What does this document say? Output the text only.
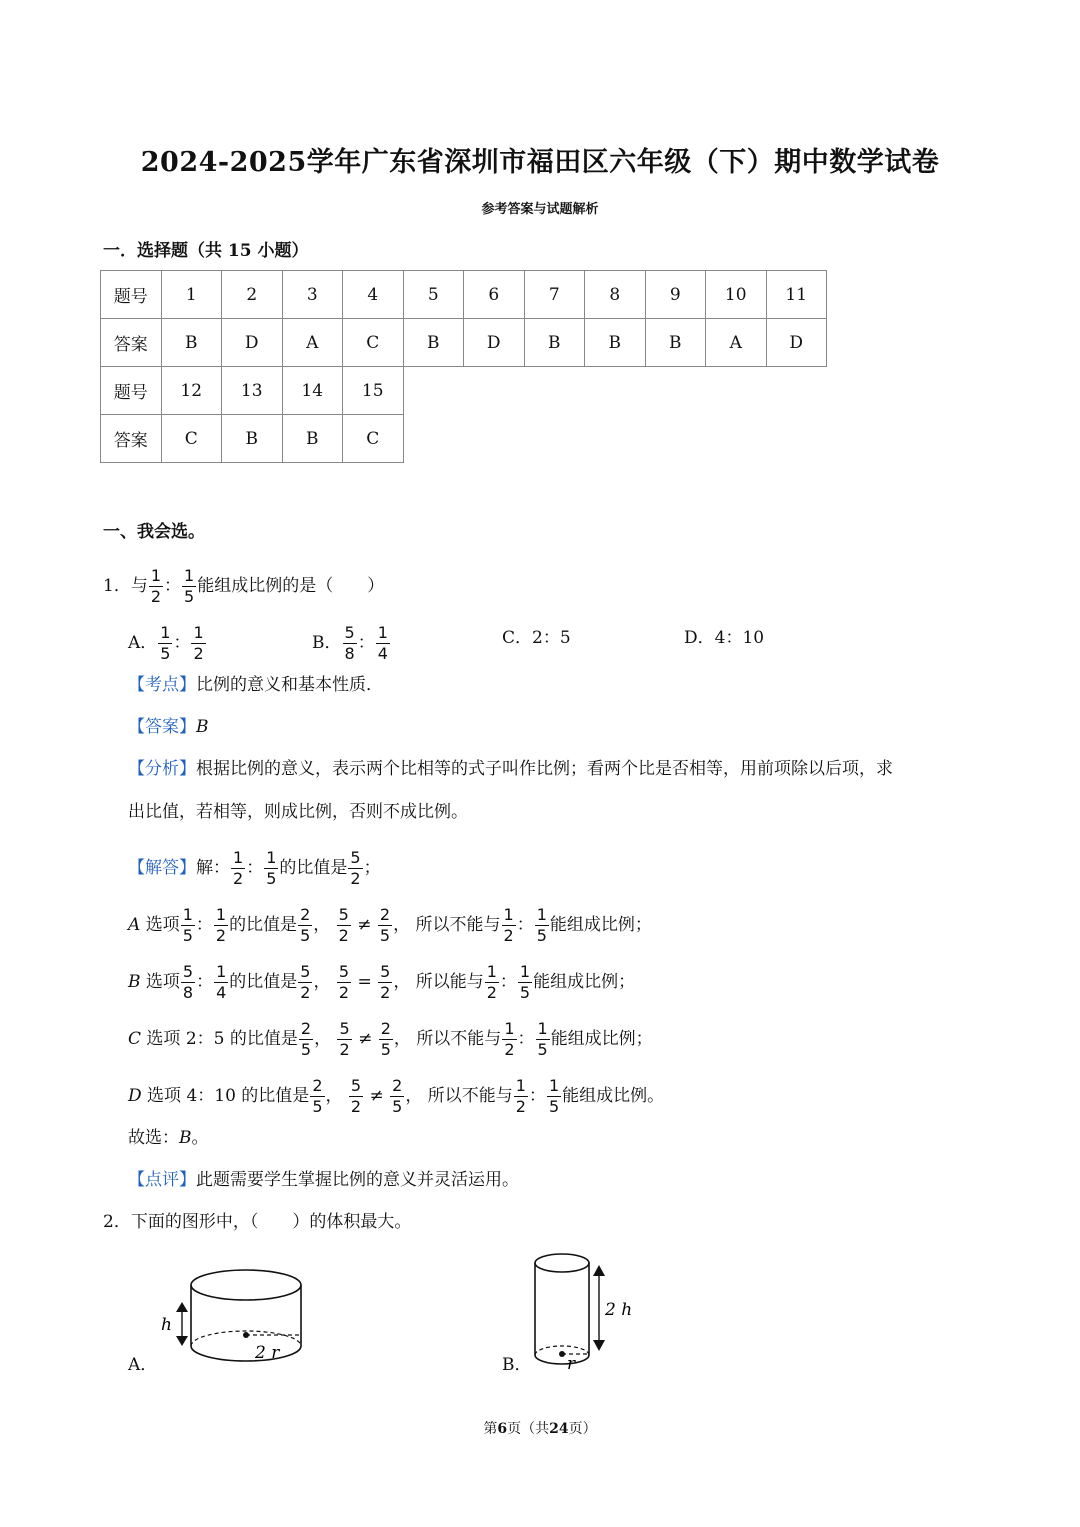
2024-2025学年广东省深圳市福田区六年级（下）期中数学试卷
参考答案与试题解析
一．选择题（共 15 小题）
题号	1	2	3	4	5	6	7	8	9	10	11
答案	B	D	A	C	B	D	B	B	B	A	D
题号	12	13	14	15							
答案	C	B	B	C							
一、我会选。
1．与 $\frac{1}{2}$ ： $\frac{1}{5}$ 能组成比例的是（　　）
A． $\frac{1}{5}$ ： $\frac{1}{2}$	B． $\frac{5}{8}$ ： $\frac{1}{4}$	C．2：5	D．4：10
【考点】比例的意义和基本性质．
【答案】B
【分析】根据比例的意义，表示两个比相等的式子叫作比例；看两个比是否相等，用前项除以后项，求
出比值，若相等，则成比例，否则不成比例。
【解答】解： $\frac{1}{2}$ ： $\frac{1}{5}$ 的比值是 $\frac{5}{2}$ ；
A 选项 $\frac{1}{5}$ ： $\frac{1}{2}$ 的比值是 $\frac{2}{5}$ ， $\frac{5}{2} \ne \frac{2}{5}$ ， 所以不能与 $\frac{1}{2}$ ： $\frac{1}{5}$ 能组成比例；
B 选项 $\frac{5}{8}$ ： $\frac{1}{4}$ 的比值是 $\frac{5}{2}$ ， $\frac{5}{2} = \frac{5}{2}$ ， 所以能与 $\frac{1}{2}$ ： $\frac{1}{5}$ 能组成比例；
C 选项 2：5 的比值是 $\frac{2}{5}$ ， $\frac{5}{2} \ne \frac{2}{5}$ ， 所以不能与 $\frac{1}{2}$ ： $\frac{1}{5}$ 能组成比例；
D 选项 4：10 的比值是 $\frac{2}{5}$ ， $\frac{5}{2} \ne \frac{2}{5}$ ， 所以不能与 $\frac{1}{2}$ ： $\frac{1}{5}$ 能组成比例。
故选：B。
【点评】此题需要学生掌握比例的意义并灵活运用。
2．下面的图形中，（　　）的体积最大。
A．
h
2 r
B．
2 h
r
第6页（共24页）
